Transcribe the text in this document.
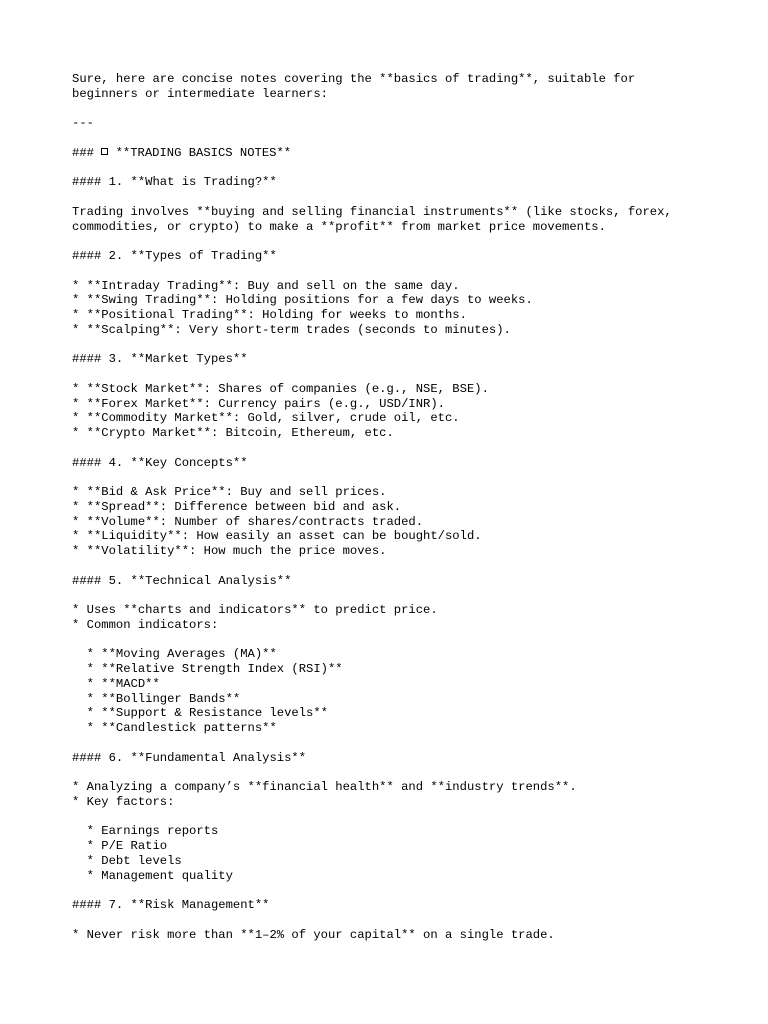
Sure, here are concise notes covering the **basics of trading**, suitable for
beginners or intermediate learners:
---
###  **TRADING BASICS NOTES**
#### 1. **What is Trading?**
Trading involves **buying and selling financial instruments** (like stocks, forex,
commodities, or crypto) to make a **profit** from market price movements.
#### 2. **Types of Trading**
* **Intraday Trading**: Buy and sell on the same day.
* **Swing Trading**: Holding positions for a few days to weeks.
* **Positional Trading**: Holding for weeks to months.
* **Scalping**: Very short-term trades (seconds to minutes).
#### 3. **Market Types**
* **Stock Market**: Shares of companies (e.g., NSE, BSE).
* **Forex Market**: Currency pairs (e.g., USD/INR).
* **Commodity Market**: Gold, silver, crude oil, etc.
* **Crypto Market**: Bitcoin, Ethereum, etc.
#### 4. **Key Concepts**
* **Bid & Ask Price**: Buy and sell prices.
* **Spread**: Difference between bid and ask.
* **Volume**: Number of shares/contracts traded.
* **Liquidity**: How easily an asset can be bought/sold.
* **Volatility**: How much the price moves.
#### 5. **Technical Analysis**
* Uses **charts and indicators** to predict price.
* Common indicators:
* **Moving Averages (MA)**
* **Relative Strength Index (RSI)**
* **MACD**
* **Bollinger Bands**
* **Support & Resistance levels**
* **Candlestick patterns**
#### 6. **Fundamental Analysis**
* Analyzing a company’s **financial health** and **industry trends**.
* Key factors:
* Earnings reports
* P/E Ratio
* Debt levels
* Management quality
#### 7. **Risk Management**
* Never risk more than **1–2% of your capital** on a single trade.
